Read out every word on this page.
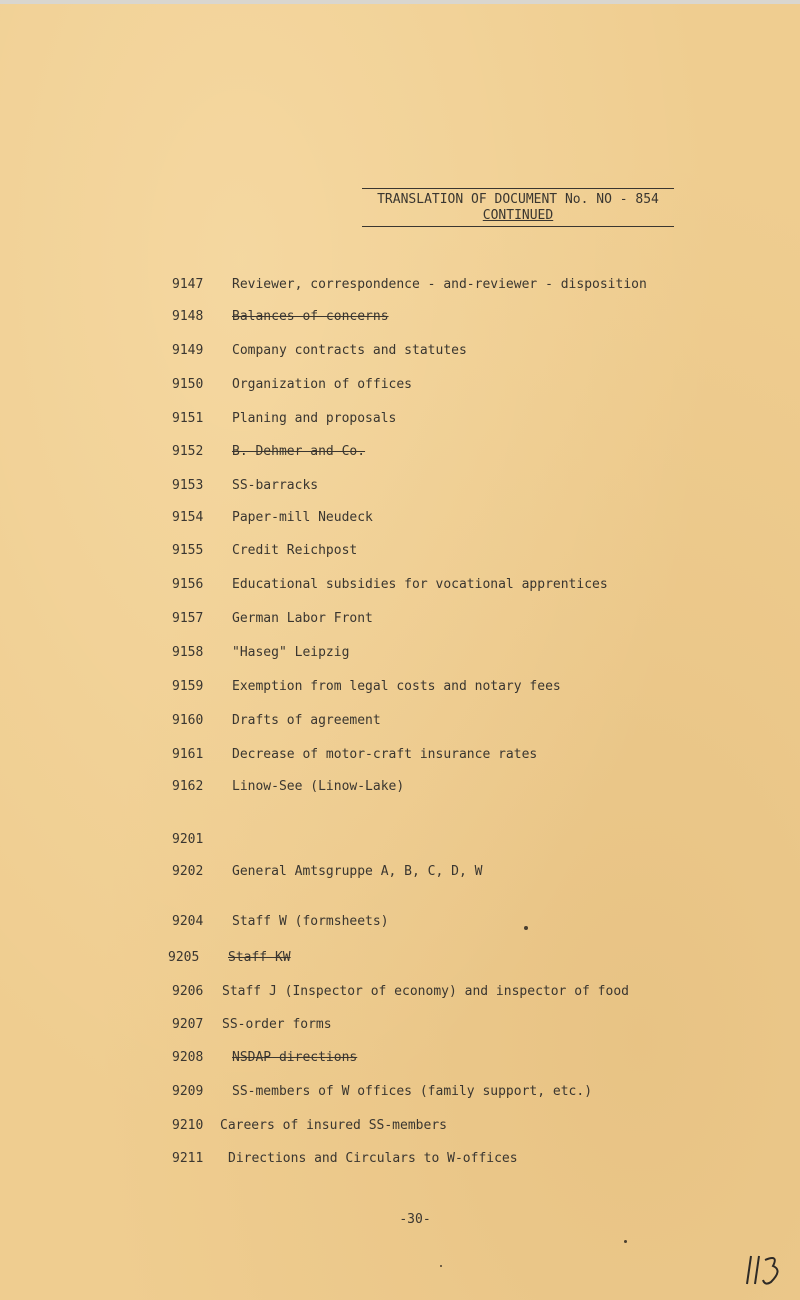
TRANSLATION OF DOCUMENT No. NO - 854
CONTINUED
9147 Reviewer, correspondence - and-reviewer - disposition
9148 Balances of concerns
9149 Company contracts and statutes
9150 Organization of offices
9151 Planing and proposals
9152 B. Dehmer and Co.
9153 SS-barracks
9154 Paper-mill Neudeck
9155 Credit Reichpost
9156 Educational subsidies for vocational apprentices
9157 German Labor Front
9158 "Haseg" Leipzig
9159 Exemption from legal costs and notary fees
9160 Drafts of agreement
9161 Decrease of motor-craft insurance rates
9162 Linow-See (Linow-Lake)
9201
9202 General Amtsgruppe A, B, C, D, W
9204 Staff W (formsheets)
9205 Staff KW
9206 Staff J (Inspector of economy) and inspector of food
9207 SS-order forms
9208 NSDAP directions
9209 SS-members of W offices (family support, etc.)
9210 Careers of insured SS-members
9211 Directions and Circulars to W-offices
-30-
